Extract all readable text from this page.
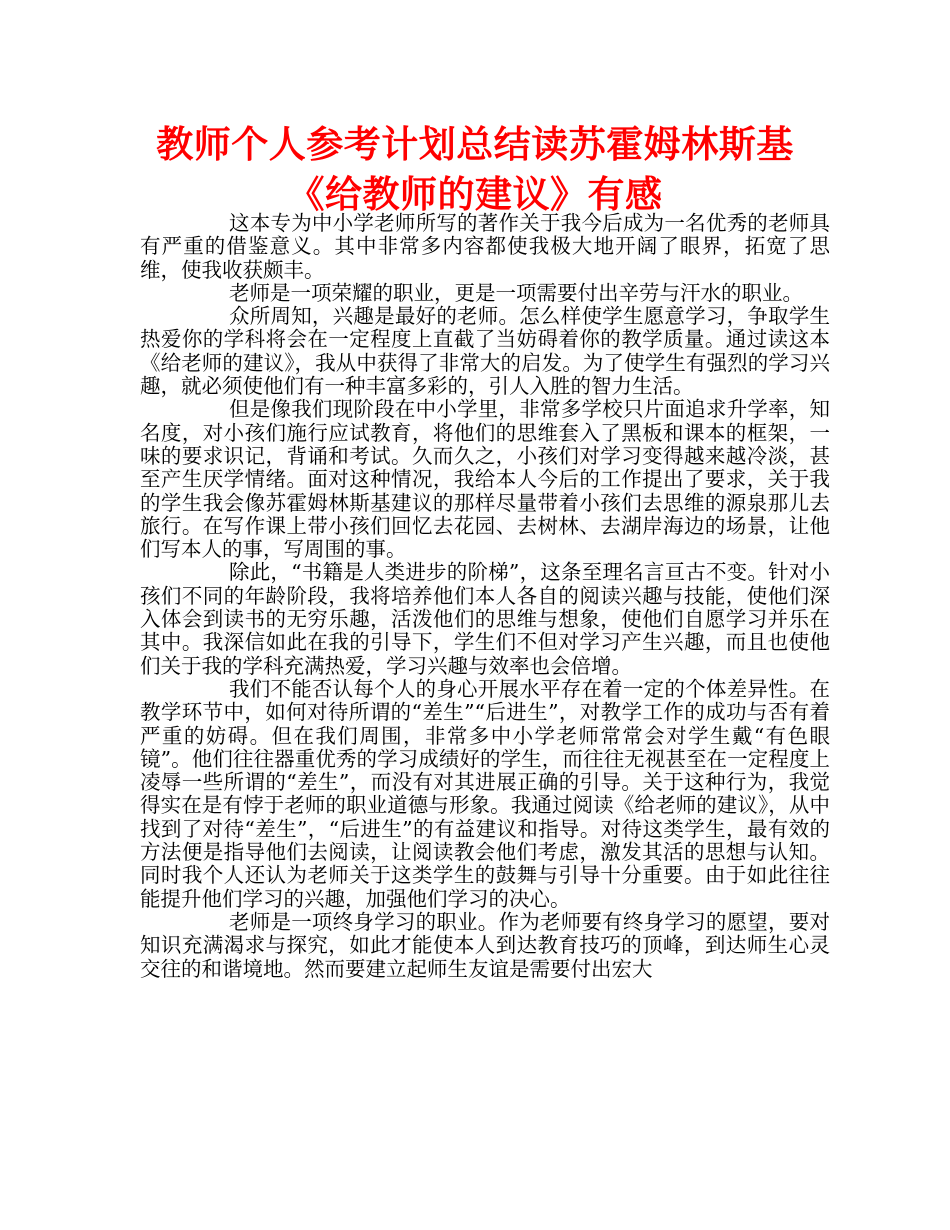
教师个人参考计划总结读苏霍姆林斯基
《给教师的建议》有感

这本专为中小学老师所写的著作关于我今后成为一名优秀的老师具有严重的借鉴意义。其中非常多内容都使我极大地开阔了眼界，拓宽了思维，使我收获颇丰。

老师是一项荣耀的职业，更是一项需要付出辛劳与汗水的职业。

众所周知，兴趣是最好的老师。怎么样使学生愿意学习，争取学生热爱你的学科将会在一定程度上直截了当妨碍着你的教学质量。通过读这本《给老师的建议》，我从中获得了非常大的启发。为了使学生有强烈的学习兴趣，就必须使他们有一种丰富多彩的，引人入胜的智力生活。

但是像我们现阶段在中小学里，非常多学校只片面追求升学率，知名度，对小孩们施行应试教育，将他们的思维套入了黑板和课本的框架，一味的要求识记，背诵和考试。久而久之，小孩们对学习变得越来越冷淡，甚至产生厌学情绪。面对这种情况，我给本人今后的工作提出了要求，关于我的学生我会像苏霍姆林斯基建议的那样尽量带着小孩们去思维的源泉那儿去旅行。在写作课上带小孩们回忆去花园、去树林、去湖岸海边的场景，让他们写本人的事，写周围的事。

除此，“书籍是人类进步的阶梯”，这条至理名言亘古不变。针对小孩们不同的年龄阶段，我将培养他们本人各自的阅读兴趣与技能，使他们深入体会到读书的无穷乐趣，活泼他们的思维与想象，使他们自愿学习并乐在其中。我深信如此在我的引导下，学生们不但对学习产生兴趣，而且也使他们关于我的学科充满热爱，学习兴趣与效率也会倍增。

我们不能否认每个人的身心开展水平存在着一定的个体差异性。在教学环节中，如何对待所谓的“差生”“后进生”，对教学工作的成功与否有着严重的妨碍。但在我们周围，非常多中小学老师常常会对学生戴“有色眼镜”。他们往往器重优秀的学习成绩好的学生，而往往无视甚至在一定程度上凌辱一些所谓的“差生”，而没有对其进展正确的引导。关于这种行为，我觉得实在是有悖于老师的职业道德与形象。我通过阅读《给老师的建议》，从中找到了对待“差生”，“后进生”的有益建议和指导。对待这类学生，最有效的方法便是指导他们去阅读，让阅读教会他们考虑，激发其活的思想与认知。同时我个人还认为老师关于这类学生的鼓舞与引导十分重要。由于如此往往能提升他们学习的兴趣，加强他们学习的决心。

老师是一项终身学习的职业。作为老师要有终身学习的愿望，要对知识充满渴求与探究，如此才能使本人到达教育技巧的顶峰，到达师生心灵交往的和谐境地。然而要建立起师生友谊是需要付出宏大
